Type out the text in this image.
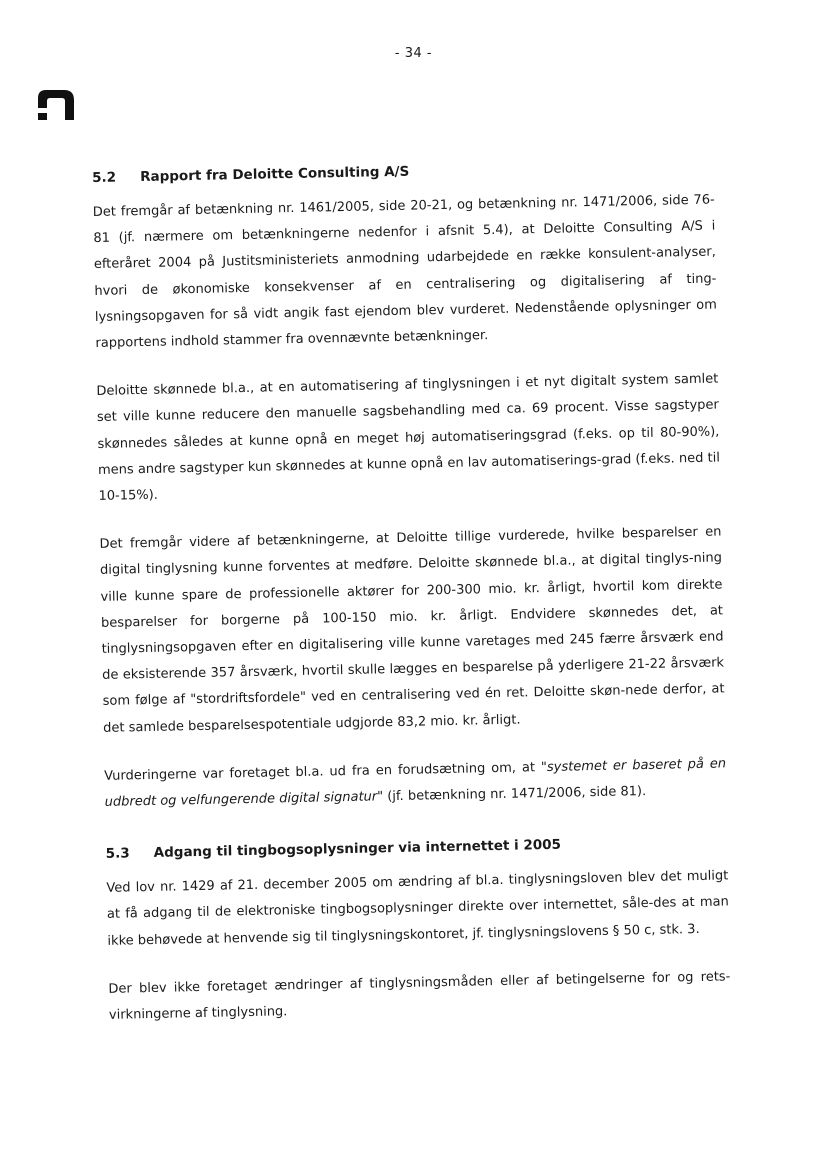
- 34 -
5.2	Rapport fra Deloitte Consulting A/S

Det fremgår af betænkning nr. 1461/2005, side 20-21, og betænkning nr. 1471/2006, side 76-81 (jf. nærmere om betænkningerne nedenfor i afsnit 5.4), at Deloitte Consulting A/S i efteråret 2004 på Justitsministeriets anmodning udarbejdede en række konsulent-analyser, hvori de økonomiske konsekvenser af en centralisering og digitalisering af ting-lysningsopgaven for så vidt angik fast ejendom blev vurderet. Nedenstående oplysninger om rapportens indhold stammer fra ovennævnte betænkninger.

Deloitte skønnede bl.a., at en automatisering af tinglysningen i et nyt digitalt system samlet set ville kunne reducere den manuelle sagsbehandling med ca. 69 procent. Visse sagstyper skønnedes således at kunne opnå en meget høj automatiseringsgrad (f.eks. op til 80-90%), mens andre sagstyper kun skønnedes at kunne opnå en lav automatiserings-grad (f.eks. ned til 10-15%).

Det fremgår videre af betænkningerne, at Deloitte tillige vurderede, hvilke besparelser en digital tinglysning kunne forventes at medføre. Deloitte skønnede bl.a., at digital tinglys-ning ville kunne spare de professionelle aktører for 200-300 mio. kr. årligt, hvortil kom direkte besparelser for borgerne på 100-150 mio. kr. årligt. Endvidere skønnedes det, at tinglysningsopgaven efter en digitalisering ville kunne varetages med 245 færre årsværk end de eksisterende 357 årsværk, hvortil skulle lægges en besparelse på yderligere 21-22 årsværk som følge af "stordriftsfordele" ved en centralisering ved én ret. Deloitte skøn-nede derfor, at det samlede besparelsespotentiale udgjorde 83,2 mio. kr. årligt.

Vurderingerne var foretaget bl.a. ud fra en forudsætning om, at "systemet er baseret på en udbredt og velfungerende digital signatur" (jf. betænkning nr. 1471/2006, side 81).

5.3	Adgang til tingbogsoplysninger via internettet i 2005

Ved lov nr. 1429 af 21. december 2005 om ændring af bl.a. tinglysningsloven blev det muligt at få adgang til de elektroniske tingbogsoplysninger direkte over internettet, såle-des at man ikke behøvede at henvende sig til tinglysningskontoret, jf. tinglysningslovens § 50 c, stk. 3.

Der blev ikke foretaget ændringer af tinglysningsmåden eller af betingelserne for og rets-virkningerne af tinglysning.
